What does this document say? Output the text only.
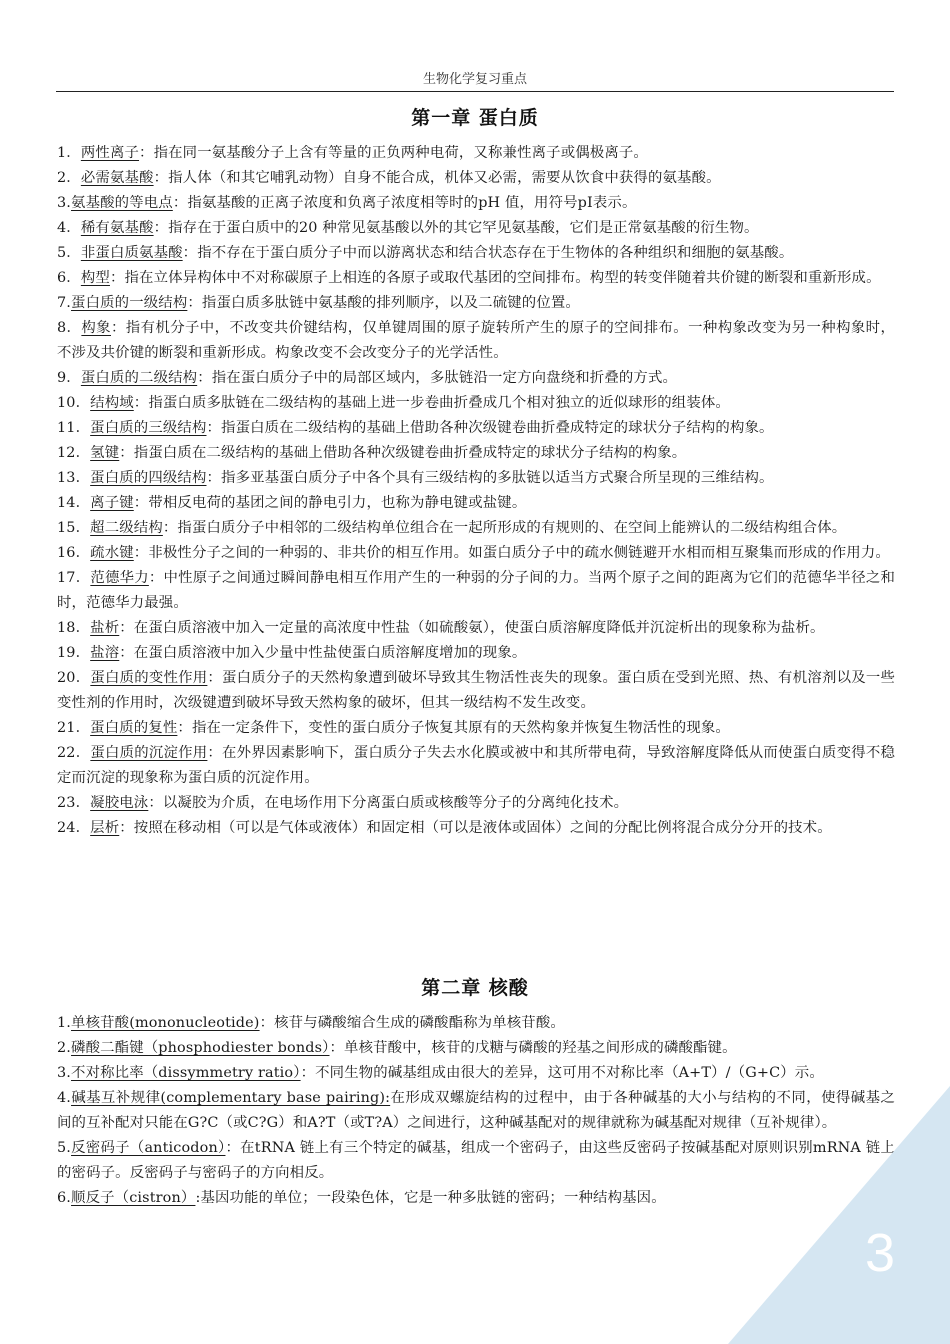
生物化学复习重点
第一章 蛋白质
1．两性离子：指在同一氨基酸分子上含有等量的正负两种电荷，又称兼性离子或偶极离子。
2．必需氨基酸：指人体（和其它哺乳动物）自身不能合成，机体又必需，需要从饮食中获得的氨基酸。
3.氨基酸的等电点：指氨基酸的正离子浓度和负离子浓度相等时的pH 值，用符号pI表示。
4．稀有氨基酸：指存在于蛋白质中的20 种常见氨基酸以外的其它罕见氨基酸，它们是正常氨基酸的衍生物。
5．非蛋白质氨基酸：指不存在于蛋白质分子中而以游离状态和结合状态存在于生物体的各种组织和细胞的氨基酸。
6．构型：指在立体异构体中不对称碳原子上相连的各原子或取代基团的空间排布。构型的转变伴随着共价键的断裂和重新形成。
7.蛋白质的一级结构：指蛋白质多肽链中氨基酸的排列顺序，以及二硫键的位置。
8．构象：指有机分子中，不改变共价键结构，仅单键周围的原子旋转所产生的原子的空间排布。一种构象改变为另一种构象时，不涉及共价键的断裂和重新形成。构象改变不会改变分子的光学活性。
9．蛋白质的二级结构：指在蛋白质分子中的局部区域内，多肽链沿一定方向盘绕和折叠的方式。
10．结构域：指蛋白质多肽链在二级结构的基础上进一步卷曲折叠成几个相对独立的近似球形的组装体。
11．蛋白质的三级结构：指蛋白质在二级结构的基础上借助各种次级键卷曲折叠成特定的球状分子结构的构象。
12．氢键：指蛋白质在二级结构的基础上借助各种次级键卷曲折叠成特定的球状分子结构的构象。
13．蛋白质的四级结构：指多亚基蛋白质分子中各个具有三级结构的多肽链以适当方式聚合所呈现的三维结构。
14．离子键：带相反电荷的基团之间的静电引力，也称为静电键或盐键。
15．超二级结构：指蛋白质分子中相邻的二级结构单位组合在一起所形成的有规则的、在空间上能辨认的二级结构组合体。
16．疏水键：非极性分子之间的一种弱的、非共价的相互作用。如蛋白质分子中的疏水侧链避开水相而相互聚集而形成的作用力。
17．范德华力：中性原子之间通过瞬间静电相互作用产生的一种弱的分子间的力。当两个原子之间的距离为它们的范德华半径之和时，范德华力最强。
18．盐析：在蛋白质溶液中加入一定量的高浓度中性盐（如硫酸氨），使蛋白质溶解度降低并沉淀析出的现象称为盐析。
19．盐溶：在蛋白质溶液中加入少量中性盐使蛋白质溶解度增加的现象。
20．蛋白质的变性作用：蛋白质分子的天然构象遭到破坏导致其生物活性丧失的现象。蛋白质在受到光照、热、有机溶剂以及一些变性剂的作用时，次级键遭到破坏导致天然构象的破坏，但其一级结构不发生改变。
21．蛋白质的复性：指在一定条件下，变性的蛋白质分子恢复其原有的天然构象并恢复生物活性的现象。
22．蛋白质的沉淀作用：在外界因素影响下，蛋白质分子失去水化膜或被中和其所带电荷，导致溶解度降低从而使蛋白质变得不稳定而沉淀的现象称为蛋白质的沉淀作用。
23．凝胶电泳：以凝胶为介质，在电场作用下分离蛋白质或核酸等分子的分离纯化技术。
24．层析：按照在移动相（可以是气体或液体）和固定相（可以是液体或固体）之间的分配比例将混合成分分开的技术。
第二章 核酸
1.单核苷酸(mononucleotide)：核苷与磷酸缩合生成的磷酸酯称为单核苷酸。
2.磷酸二酯键（phosphodiester bonds）：单核苷酸中，核苷的戊糖与磷酸的羟基之间形成的磷酸酯键。
3.不对称比率（dissymmetry ratio）：不同生物的碱基组成由很大的差异，这可用不对称比率（A+T）/（G+C）示。
4.碱基互补规律(complementary base pairing):在形成双螺旋结构的过程中，由于各种碱基的大小与结构的不同，使得碱基之间的互补配对只能在G?C（或C?G）和A?T（或T?A）之间进行，这种碱基配对的规律就称为碱基配对规律（互补规律）。
5.反密码子（anticodon）：在tRNA 链上有三个特定的碱基，组成一个密码子，由这些反密码子按碱基配对原则识别mRNA 链上的密码子。反密码子与密码子的方向相反。
6.顺反子（cistron）:基因功能的单位；一段染色体，它是一种多肽链的密码；一种结构基因。
3
